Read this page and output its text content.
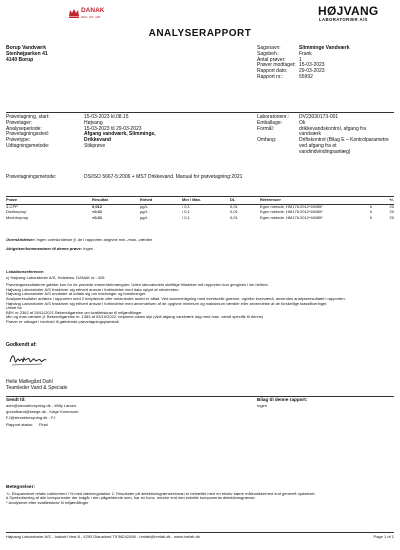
DANAK
REG. NR. 428	HØJVANG
LABORATORIER A/S
ANALYSERAPPORT
Borup Vandværk
Stenhøjparken 41
4140 Borup
Sagsnavn:	Slimminge Vandværk
Sagsbeh.:	Frank
Antal prøver:	1
Prøver modtaget: 15-03-2023
Rapport dato:	29-03-2023
Rapport nr.:	55992
Prøvetagning, start:	15-03-2023 kl.08.15
Prøvetager:	Højvang
Analyseperiode:	15-03-2023 til 29-03-2023
Prøvetagningssted:	Afgang vandværk, Slimminge,
Prøvetype:	Drikkevand
Udtagningsmetode:	Stikprøve
Laboratorienr.:	DV23030173-001
Emballage:	Ok
Formål:	drikkevandskontrol, afgang fra vandværk
Omfang:	Driftskontrol (Bilag E – Kontrolparametre ved afgang fra et vandindvindingsanlæg)
Prøvetagningsmetode:	DS/ISO 5667-5:2006 + MST Drikkevand. Manual for prøvetagning:2021
Prøve	Resultat	Enhed	Min / Max.	DL	Referencer	+/-
4-CPP	0,012	µg/L	/ 0,1	0,01	Egen metode, HM176:2012+M065*	h	20
Dichlorprop	<0,01	µg/L	/ 0,1	0,01	Egen metode, HM176:2012+M065*	h	20
Mechlorprop	<0,01	µg/L	/ 0,1	0,01	Egen metode, HM176:2012+M065*	h	20
Overskridelser: Ingen overskridelser jf. de i rapporten angivne min.-/max.-værdier
Afrigelser/kommentarer til denne prøve: Ingen
Lokationsreference:
c) Højvang Laboratorier A/S, Holsteins. DANAK nr.: 428
Prøvningsresultaterne gælder kun for de prøvede emner/delmængder. Uden laboratoriets skriftlige tilladelse må rapporten kun gengives i sin helhed.
Højvang Laboratorier A/S fraskriver sig ethvert ansvar i forbindelse med data oplyst af rekvirenten.
Højvang Laboratorier A/S undlader at udtale sig om holdninger og fortolkninger.
Analyseresultater anføres i rapporten med 2 betydende cifre medmindre andet er aftalt. Ved sammenligning med eventuelle grænse- og/eller kravværdi, anvendes analyseresultatet i rapporten.
Højvang Laboratorier A/S fraskriver sig ethvert ansvar i forbindelse med anvendelsen af de opgivne minimum og maksimum værdier eller anvendelse af de forskellige klassificeringer.
Urført for
BEK nr 2362 af 26/11/2021 Bekendtgørelse om kvalitetskrav til miljømålinger
Min og max-værdier jf. Bekendtgørelse nr. 1383 af 03/10/2022, bepkene-vdøm styl (vildt afgang vandværk dag med max. værdi specifik til denne)
Prøver er udtaget i henhold til gældende prøvetagningsplanstall.
Godkendt af:
Helle Møllegård Dahl
Teamleder Vand & Speciale
Sendt til:
adm@slevsbforsyning.dk - Willy Larsen
gnundkand@ksege.dk - Køge Kommune
FJ@slevsbforsyning.dk - FJ
Rapport status:	Final
Bilag til denne rapport:
Ingen
Betegnelser:
+/- Ekspanderet relativ usikkerhed i % med dækningsfaktor 2. Resultater på detektionsgrænseniveau er behæftet med en relativ større måleusikkerhed end generelt opdateret.
# Symbolisering af alle komponenter der indgår i den pågældende sum, har en konc. mindre end den enkelte komponents detektionsgrænse.
* Analyseret efter kvalitetskrav til miljømålinger
Højvang Laboratorier A/S - Industri Vest 8 - 4293 Dianalund Tlf 58242458 - hmlab@hmlab.dk - www.hmlab.dk	Page 1 of 1
